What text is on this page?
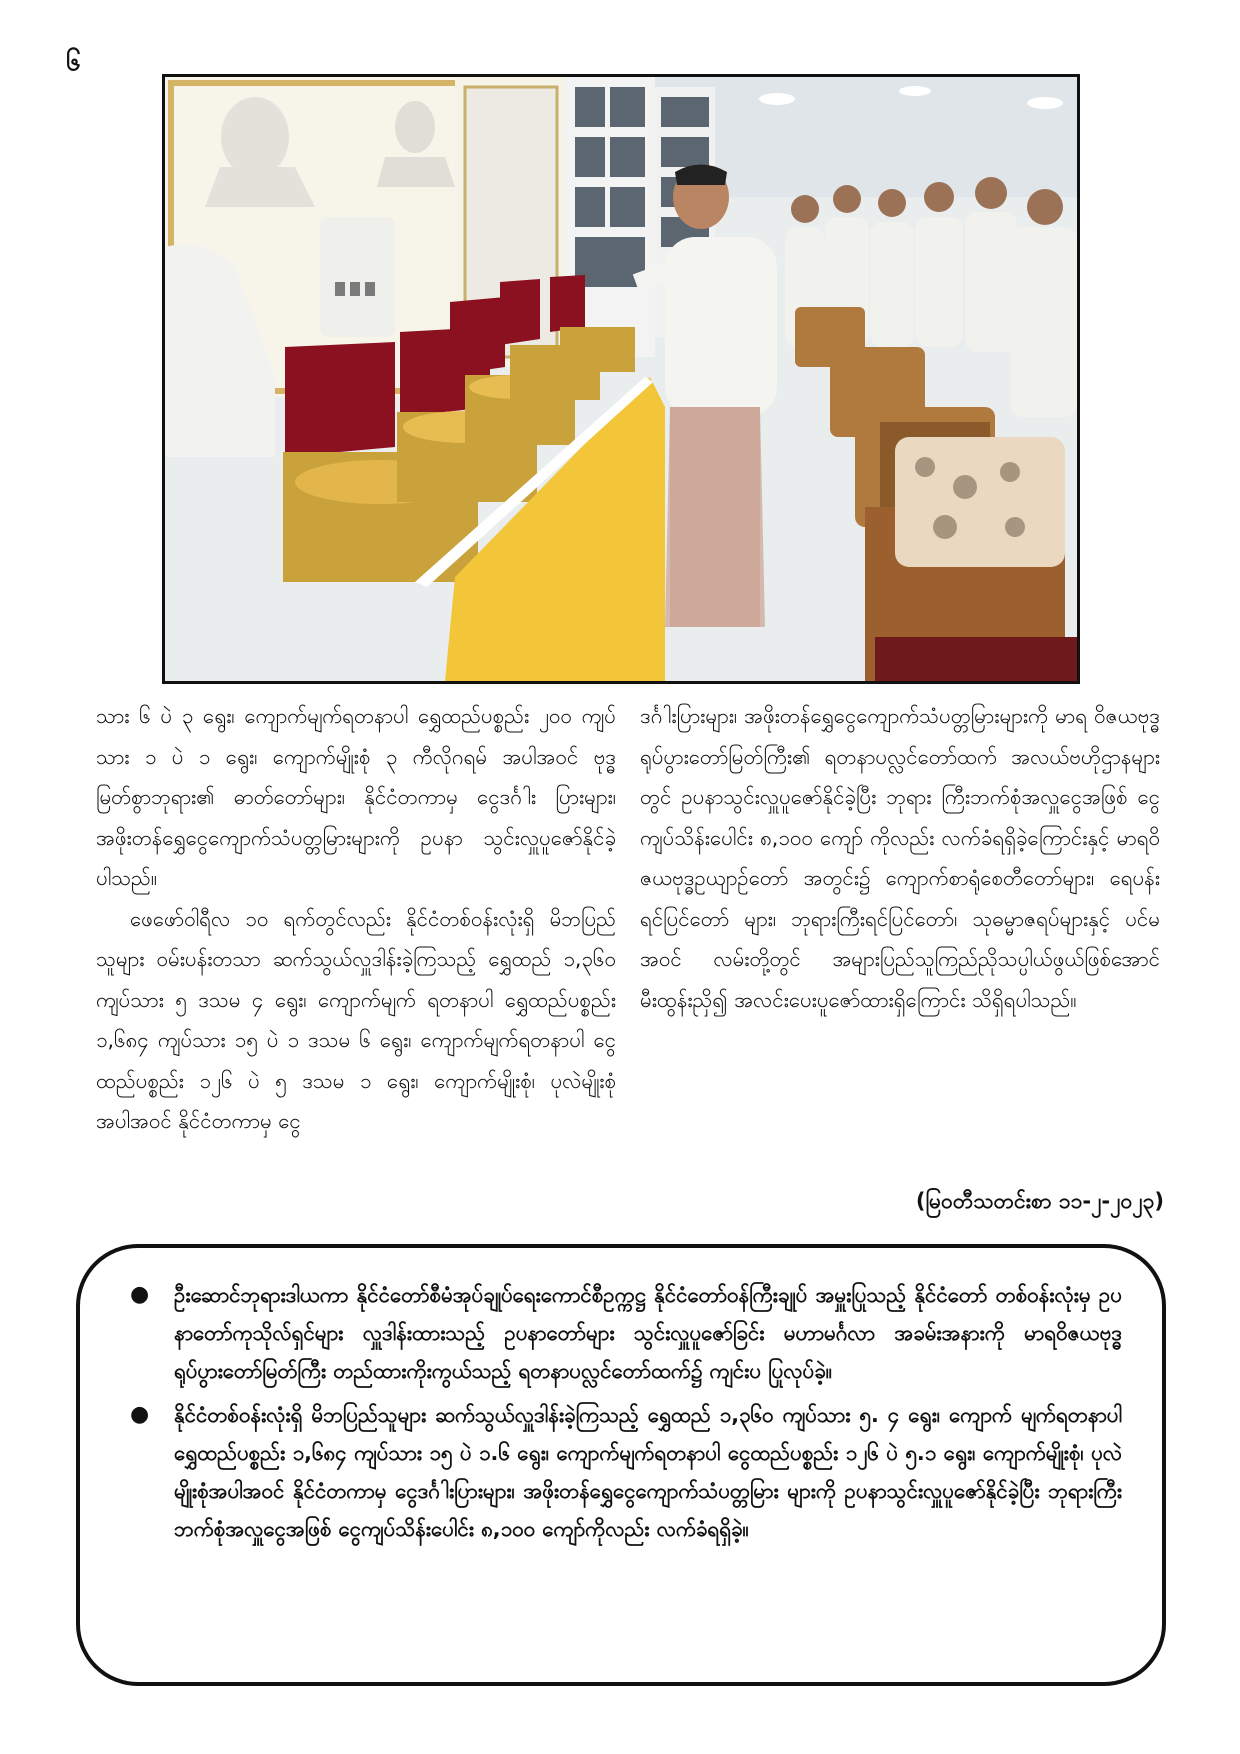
၆

သား ၆ ပဲ ၃ ရွေး၊ ကျောက်မျက်ရတနာပါ ရွှေထည်ပစ္စည်း ၂၀၀ ကျပ်သား ၁ ပဲ ၁ ရွေး၊ ကျောက်မျိုးစုံ ၃ ကီလိုဂရမ် အပါအဝင် ဗုဒ္ဓမြတ်စွာဘုရား၏ ဓာတ်တော်များ၊ နိုင်ငံတကာမှ ငွေဒင်္ဂါး ပြားများ၊ အဖိုးတန်ရွှေငွေကျောက်သံပတ္တမြားများကို ဥပနာ သွင်းလှူပူဇော်နိုင်ခဲ့ပါသည်။

ဖေဖော်ဝါရီလ ၁၀ ရက်တွင်လည်း နိုင်ငံတစ်ဝန်းလုံးရှိ မိဘပြည်သူများ ဝမ်းပန်းတသာ ဆက်သွယ်လှူဒါန်းခဲ့ကြသည့် ရွှေထည် ၁,၃၆၀ ကျပ်သား ၅ ဒသမ ၄ ရွေး၊ ကျောက်မျက် ရတနာပါ ရွှေထည်ပစ္စည်း ၁,၆၈၄ ကျပ်သား ၁၅ ပဲ ၁ ဒသမ ၆ ရွေး၊ ကျောက်မျက်ရတနာပါ ငွေထည်ပစ္စည်း ၁၂၆ ပဲ ၅ ဒသမ ၁ ရွေး၊ ကျောက်မျိုးစုံ၊ ပုလဲမျိုးစုံအပါအဝင် နိုင်ငံတကာမှ ငွေ

ဒင်္ဂါးပြားများ၊ အဖိုးတန်ရွှေငွေကျောက်သံပတ္တမြားများကို မာရ ဝိဇယဗုဒ္ဓရုပ်ပွားတော်မြတ်ကြီး၏ ရတနာပလ္လင်တော်ထက် အလယ်ဗဟိုဌာနများတွင် ဥပနာသွင်းလှူပူဇော်နိုင်ခဲ့ပြီး ဘုရား ကြီးဘက်စုံအလှူငွေအဖြစ် ငွေကျပ်သိန်းပေါင်း ၈,၁၀၀ ကျော် ကိုလည်း လက်ခံရရှိခဲ့ကြောင်းနှင့် မာရဝိဇယဗုဒ္ဓဥယျာဉ်တော် အတွင်း၌ ကျောက်စာရုံစေတီတော်များ၊ ရေပန်းရင်ပြင်တော် များ၊ ဘုရားကြီးရင်ပြင်တော်၊ သုဓမ္မာဇရပ်များနှင့် ပင်မအဝင် လမ်းတို့တွင် အများပြည်သူကြည်ညိုသပ္ပါယ်ဖွယ်ဖြစ်အောင် မီးထွန်းညှိ၍ အလင်းပေးပူဇော်ထားရှိကြောင်း သိရှိရပါသည်။

(မြဝတီသတင်းစာ ၁၁-၂-၂၀၂၃)
● ဦးဆောင်ဘုရားဒါယကာ နိုင်ငံတော်စီမံအုပ်ချုပ်ရေးကောင်စီဥက္ကဋ္ဌ နိုင်ငံတော်ဝန်ကြီးချုပ် အမှူးပြုသည့် နိုင်ငံတော် တစ်ဝန်းလုံးမှ ဥပနာတော်ကုသိုလ်ရှင်များ လှူဒါန်းထားသည့် ဥပနာတော်များ သွင်းလှူပူဇော်ခြင်း မဟာမင်္ဂလာ အခမ်းအနားကို မာရဝိဇယဗုဒ္ဓရုပ်ပွားတော်မြတ်ကြီး တည်ထားကိုးကွယ်သည့် ရတနာပလ္လင်တော်ထက်၌ ကျင်းပ ပြုလုပ်ခဲ့။
● နိုင်ငံတစ်ဝန်းလုံးရှိ မိဘပြည်သူများ ဆက်သွယ်လှူဒါန်းခဲ့ကြသည့် ရွှေထည် ၁,၃၆၀ ကျပ်သား ၅. ၄ ရွေး၊ ကျောက် မျက်ရတနာပါ ရွှေထည်ပစ္စည်း ၁,၆၈၄ ကျပ်သား ၁၅ ပဲ ၁.၆ ရွေး၊ ကျောက်မျက်ရတနာပါ ငွေထည်ပစ္စည်း ၁၂၆ ပဲ ၅.၁ ရွေး၊ ကျောက်မျိုးစုံ၊ ပုလဲမျိုးစုံအပါအဝင် နိုင်ငံတကာမှ ငွေဒင်္ဂါးပြားများ၊ အဖိုးတန်ရွှေငွေကျောက်သံပတ္တမြား များကို ဥပနာသွင်းလှူပူဇော်နိုင်ခဲ့ပြီး ဘုရားကြီးဘက်စုံအလှူငွေအဖြစ် ငွေကျပ်သိန်းပေါင်း ၈,၁၀၀ ကျော်ကိုလည်း လက်ခံရရှိခဲ့။
